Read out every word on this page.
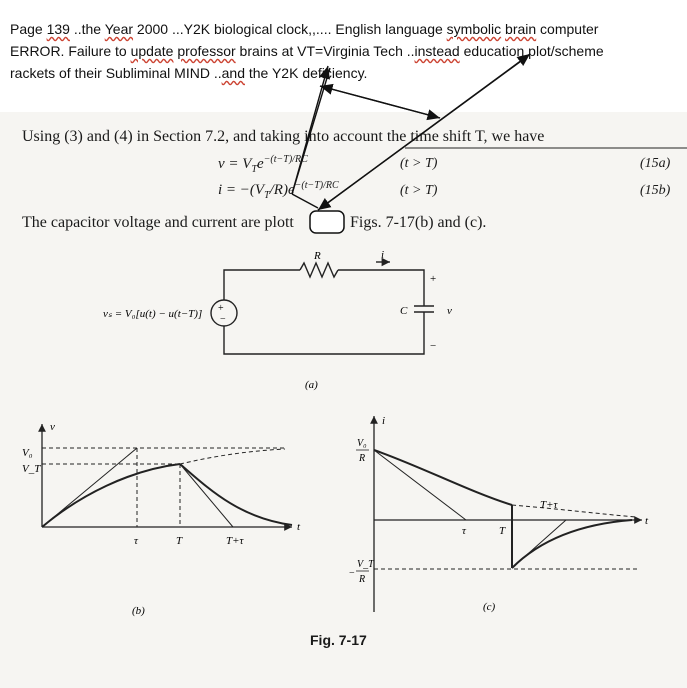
Page 139 ..the Year 2000 ...Y2K biological clock,,.... English language symbolic brain computer
ERROR. Failure to update professor brains at VT=Virginia Tech ..instead education plot/scheme
rackets of their Subliminal MIND ..and the Y2K deficiency.
Using (3) and (4) in Section 7.2, and taking into account the time shift T, we have
$v = V_Te^{-(t-T)/RC}$	(t > T)	(15a)
$i = -(V_T/R)e^{-(t-T)/RC}$	(t > T)	(15b)
The capacitor voltage and current are plott	Figs. 7-17(b) and (c).
Fig. 7-17
+
−
vₛ = V₀[u(t) − u(t−T)]
R	i
C	v
+
−
(a)
v
t
V₀
V_T
τ	T	T+τ
(b)
i
t
V₀
R
−
V_T
R
τ	T
T+τ
(c)
